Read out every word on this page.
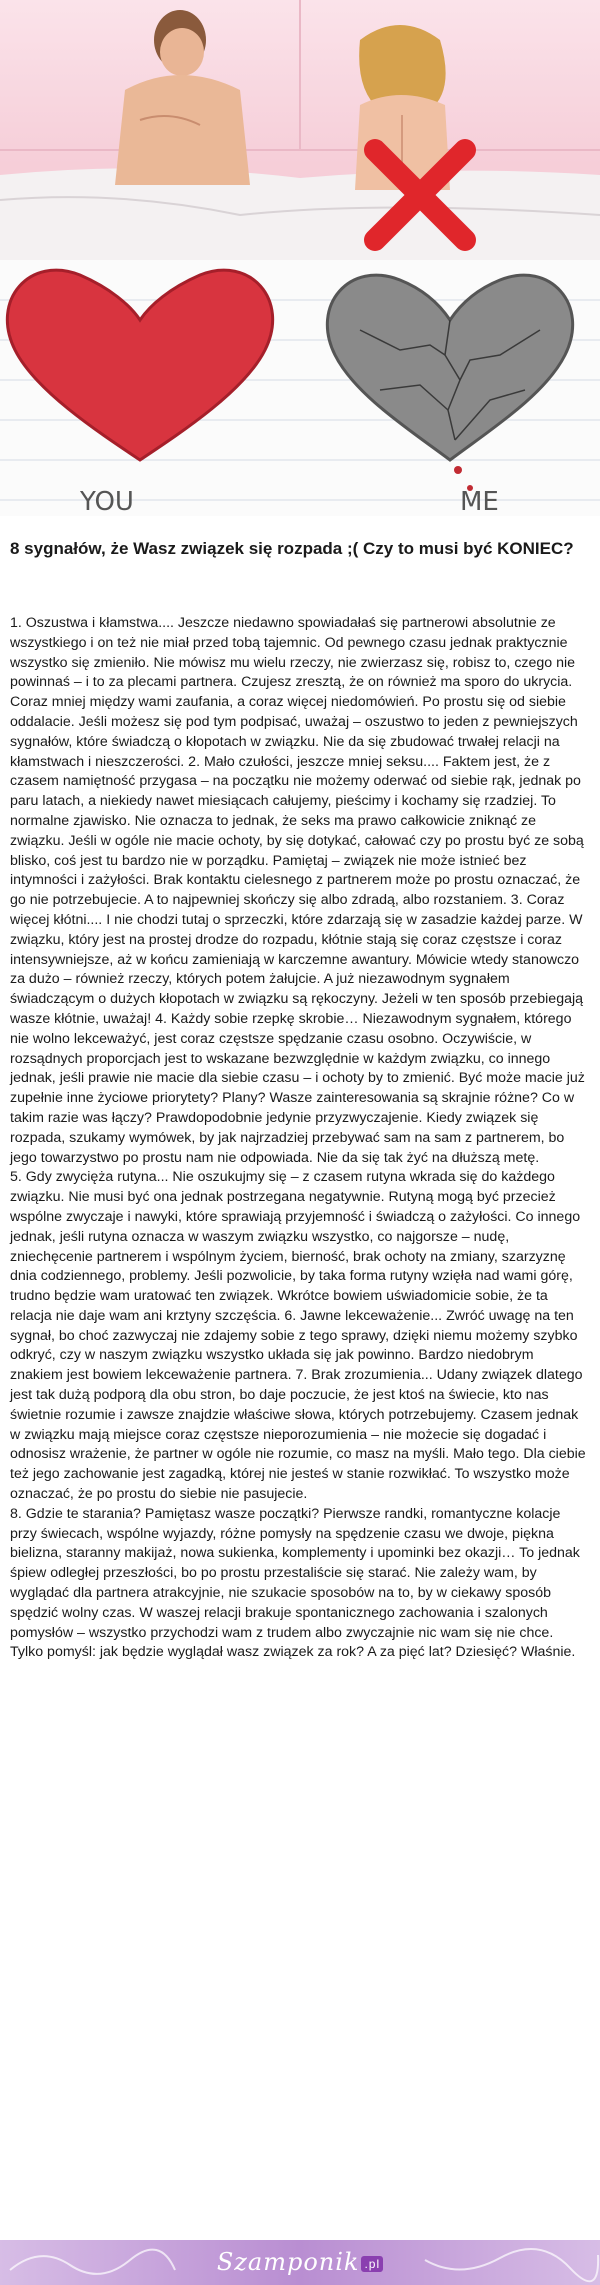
YOU	ME
8 sygnałów, że Wasz związek się rozpada ;( Czy to musi być KONIEC?

1. Oszustwa i kłamstwa.... Jeszcze niedawno spowiadałaś się partnerowi absolutnie ze wszystkiego i on też nie miał przed tobą tajemnic. Od pewnego czasu jednak praktycznie wszystko się zmieniło. Nie mówisz mu wielu rzeczy, nie zwierzasz się, robisz to, czego nie powinnaś – i to za plecami partnera. Czujesz zresztą, że on również ma sporo do ukrycia. Coraz mniej między wami zaufania, a coraz więcej niedomówień. Po prostu się od siebie oddalacie. Jeśli możesz się pod tym podpisać, uważaj – oszustwo to jeden z pewniejszych sygnałów, które świadczą o kłopotach w związku. Nie da się zbudować trwałej relacji na kłamstwach i nieszczerości. 2. Mało czułości, jeszcze mniej seksu.... Faktem jest, że z czasem namiętność przygasa – na początku nie możemy oderwać od siebie rąk, jednak po paru latach, a niekiedy nawet miesiącach całujemy, pieścimy i kochamy się rzadziej. To normalne zjawisko. Nie oznacza to jednak, że seks ma prawo całkowicie zniknąć ze związku. Jeśli w ogóle nie macie ochoty, by się dotykać, całować czy po prostu być ze sobą blisko, coś jest tu bardzo nie w porządku. Pamiętaj – związek nie może istnieć bez intymności i zażyłości. Brak kontaktu cielesnego z partnerem może po prostu oznaczać, że go nie potrzebujecie. A to najpewniej skończy się albo zdradą, albo rozstaniem. 3. Coraz więcej kłótni.... I nie chodzi tutaj o sprzeczki, które zdarzają się w zasadzie każdej parze. W związku, który jest na prostej drodze do rozpadu, kłótnie stają się coraz częstsze i coraz intensywniejsze, aż w końcu zamieniają w karczemne awantury. Mówicie wtedy stanowczo za dużo – również rzeczy, których potem żałujcie. A już niezawodnym sygnałem świadczącym o dużych kłopotach w związku są rękoczyny. Jeżeli w ten sposób przebiegają wasze kłótnie, uważaj! 4. Każdy sobie rzepkę skrobie… Niezawodnym sygnałem, którego nie wolno lekceważyć, jest coraz częstsze spędzanie czasu osobno. Oczywiście, w rozsądnych proporcjach jest to wskazane bezwzględnie w każdym związku, co innego jednak, jeśli prawie nie macie dla siebie czasu – i ochoty by to zmienić. Być może macie już zupełnie inne życiowe priorytety? Plany? Wasze zainteresowania są skrajnie różne? Co w takim razie was łączy? Prawdopodobnie jedynie przyzwyczajenie. Kiedy związek się rozpada, szukamy wymówek, by jak najrzadziej przebywać sam na sam z partnerem, bo jego towarzystwo po prostu nam nie odpowiada. Nie da się tak żyć na dłuższą metę.

5. Gdy zwycięża rutyna... Nie oszukujmy się – z czasem rutyna wkrada się do każdego związku. Nie musi być ona jednak postrzegana negatywnie. Rutyną mogą być przecież wspólne zwyczaje i nawyki, które sprawiają przyjemność i świadczą o zażyłości. Co innego jednak, jeśli rutyna oznacza w waszym związku wszystko, co najgorsze – nudę, zniechęcenie partnerem i wspólnym życiem, bierność, brak ochoty na zmiany, szarzyznę dnia codziennego, problemy. Jeśli pozwolicie, by taka forma rutyny wzięła nad wami górę, trudno będzie wam uratować ten związek. Wkrótce bowiem uświadomicie sobie, że ta relacja nie daje wam ani krztyny szczęścia. 6. Jawne lekceważenie... Zwróć uwagę na ten sygnał, bo choć zazwyczaj nie zdajemy sobie z tego sprawy, dzięki niemu możemy szybko odkryć, czy w naszym związku wszystko układa się jak powinno. Bardzo niedobrym znakiem jest bowiem lekceważenie partnera. 7. Brak zrozumienia... Udany związek dlatego jest tak dużą podporą dla obu stron, bo daje poczucie, że jest ktoś na świecie, kto nas świetnie rozumie i zawsze znajdzie właściwe słowa, których potrzebujemy. Czasem jednak w związku mają miejsce coraz częstsze nieporozumienia – nie możecie się dogadać i odnosisz wrażenie, że partner w ogóle nie rozumie, co masz na myśli. Mało tego. Dla ciebie też jego zachowanie jest zagadką, której nie jesteś w stanie rozwikłać. To wszystko może oznaczać, że po prostu do siebie nie pasujecie.

8. Gdzie te starania? Pamiętasz wasze początki? Pierwsze randki, romantyczne kolacje przy świecach, wspólne wyjazdy, różne pomysły na spędzenie czasu we dwoje, piękna bielizna, staranny makijaż, nowa sukienka, komplementy i upominki bez okazji… To jednak śpiew odległej przeszłości, bo po prostu przestaliście się starać. Nie zależy wam, by wyglądać dla partnera atrakcyjnie, nie szukacie sposobów na to, by w ciekawy sposób spędzić wolny czas. W waszej relacji brakuje spontanicznego zachowania i szalonych pomysłów – wszystko przychodzi wam z trudem albo zwyczajnie nic wam się nie chce. Tylko pomyśl: jak będzie wyglądał wasz związek za rok? A za pięć lat? Dziesięć? Właśnie.

Szamponik .pl
